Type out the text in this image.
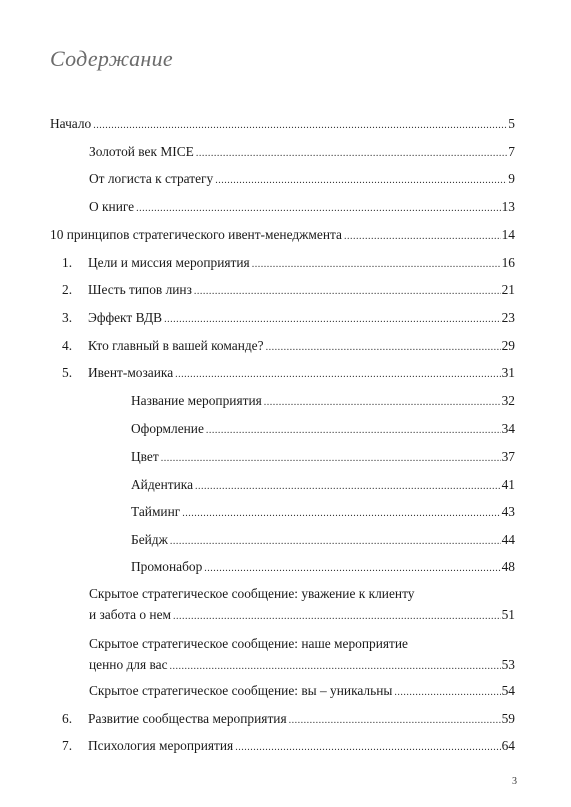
Содержание
Начало .....	5
Золотой век MICE .....	7
От логиста к стратегу .....	9
О книге .....	13
10 принципов стратегического ивент-менеджмента .....	14
1.	Цели и миссия мероприятия .....	16
2.	Шесть типов линз .....	21
3.	Эффект ВДВ .....	23
4.	Кто главный в вашей команде? .....	29
5.	Ивент-мозаика .....	31
Название мероприятия .....	32
Оформление .....	34
Цвет .....	37
Айдентика .....	41
Тайминг .....	43
Бейдж .....	44
Промонабор .....	48
Скрытое стратегическое сообщение: уважение к клиенту
и забота о нем .....	51
Скрытое стратегическое сообщение: наше мероприятие
ценно для вас .....	53
Скрытое стратегическое сообщение: вы – уникальны .....	54
6.	Развитие сообщества мероприятия .....	59
7.	Психология мероприятия .....	64
3
